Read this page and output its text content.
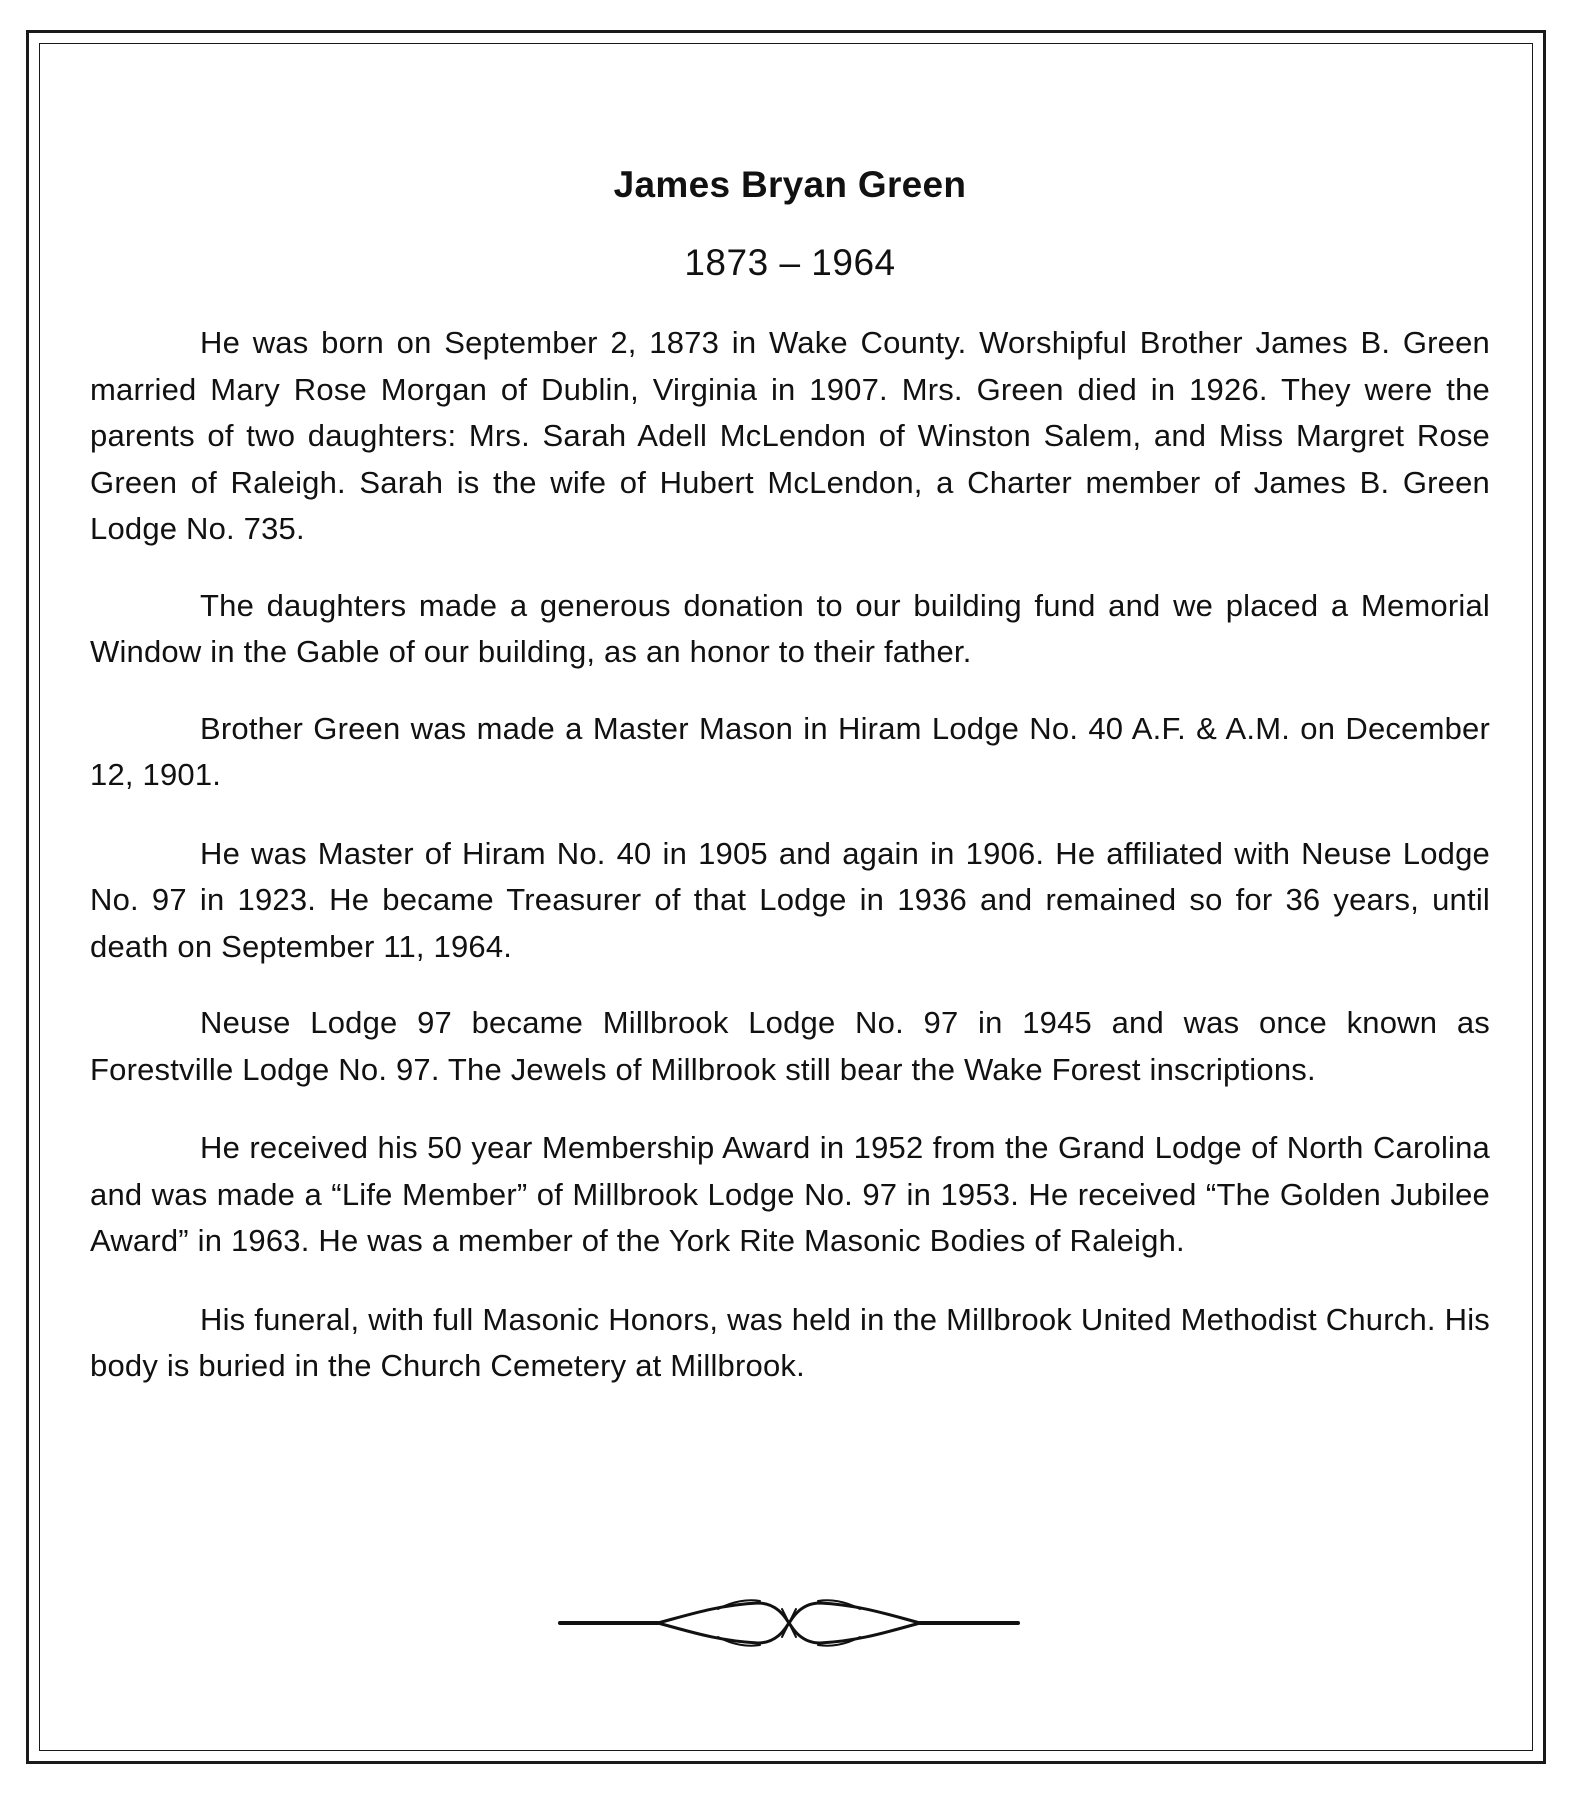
James Bryan Green
1873 – 1964

He was born on September 2, 1873 in Wake County. Worshipful Brother James B. Green married Mary Rose Morgan of Dublin, Virginia in 1907. Mrs. Green died in 1926. They were the parents of two daughters: Mrs. Sarah Adell McLendon of Winston Salem, and Miss Margret Rose Green of Raleigh. Sarah is the wife of Hubert McLendon, a Charter member of James B. Green Lodge No. 735.

The daughters made a generous donation to our building fund and we placed a Memorial Window in the Gable of our building, as an honor to their father.

Brother Green was made a Master Mason in Hiram Lodge No. 40 A.F. & A.M. on December 12, 1901.

He was Master of Hiram No. 40 in 1905 and again in 1906. He affiliated with Neuse Lodge No. 97 in 1923. He became Treasurer of that Lodge in 1936 and remained so for 36 years, until death on September 11, 1964.

Neuse Lodge 97 became Millbrook Lodge No. 97 in 1945 and was once known as Forestville Lodge No. 97. The Jewels of Millbrook still bear the Wake Forest inscriptions.

He received his 50 year Membership Award in 1952 from the Grand Lodge of North Carolina and was made a “Life Member” of Millbrook Lodge No. 97 in 1953. He received “The Golden Jubilee Award” in 1963. He was a member of the York Rite Masonic Bodies of Raleigh.

His funeral, with full Masonic Honors, was held in the Millbrook United Methodist Church. His body is buried in the Church Cemetery at Millbrook.
